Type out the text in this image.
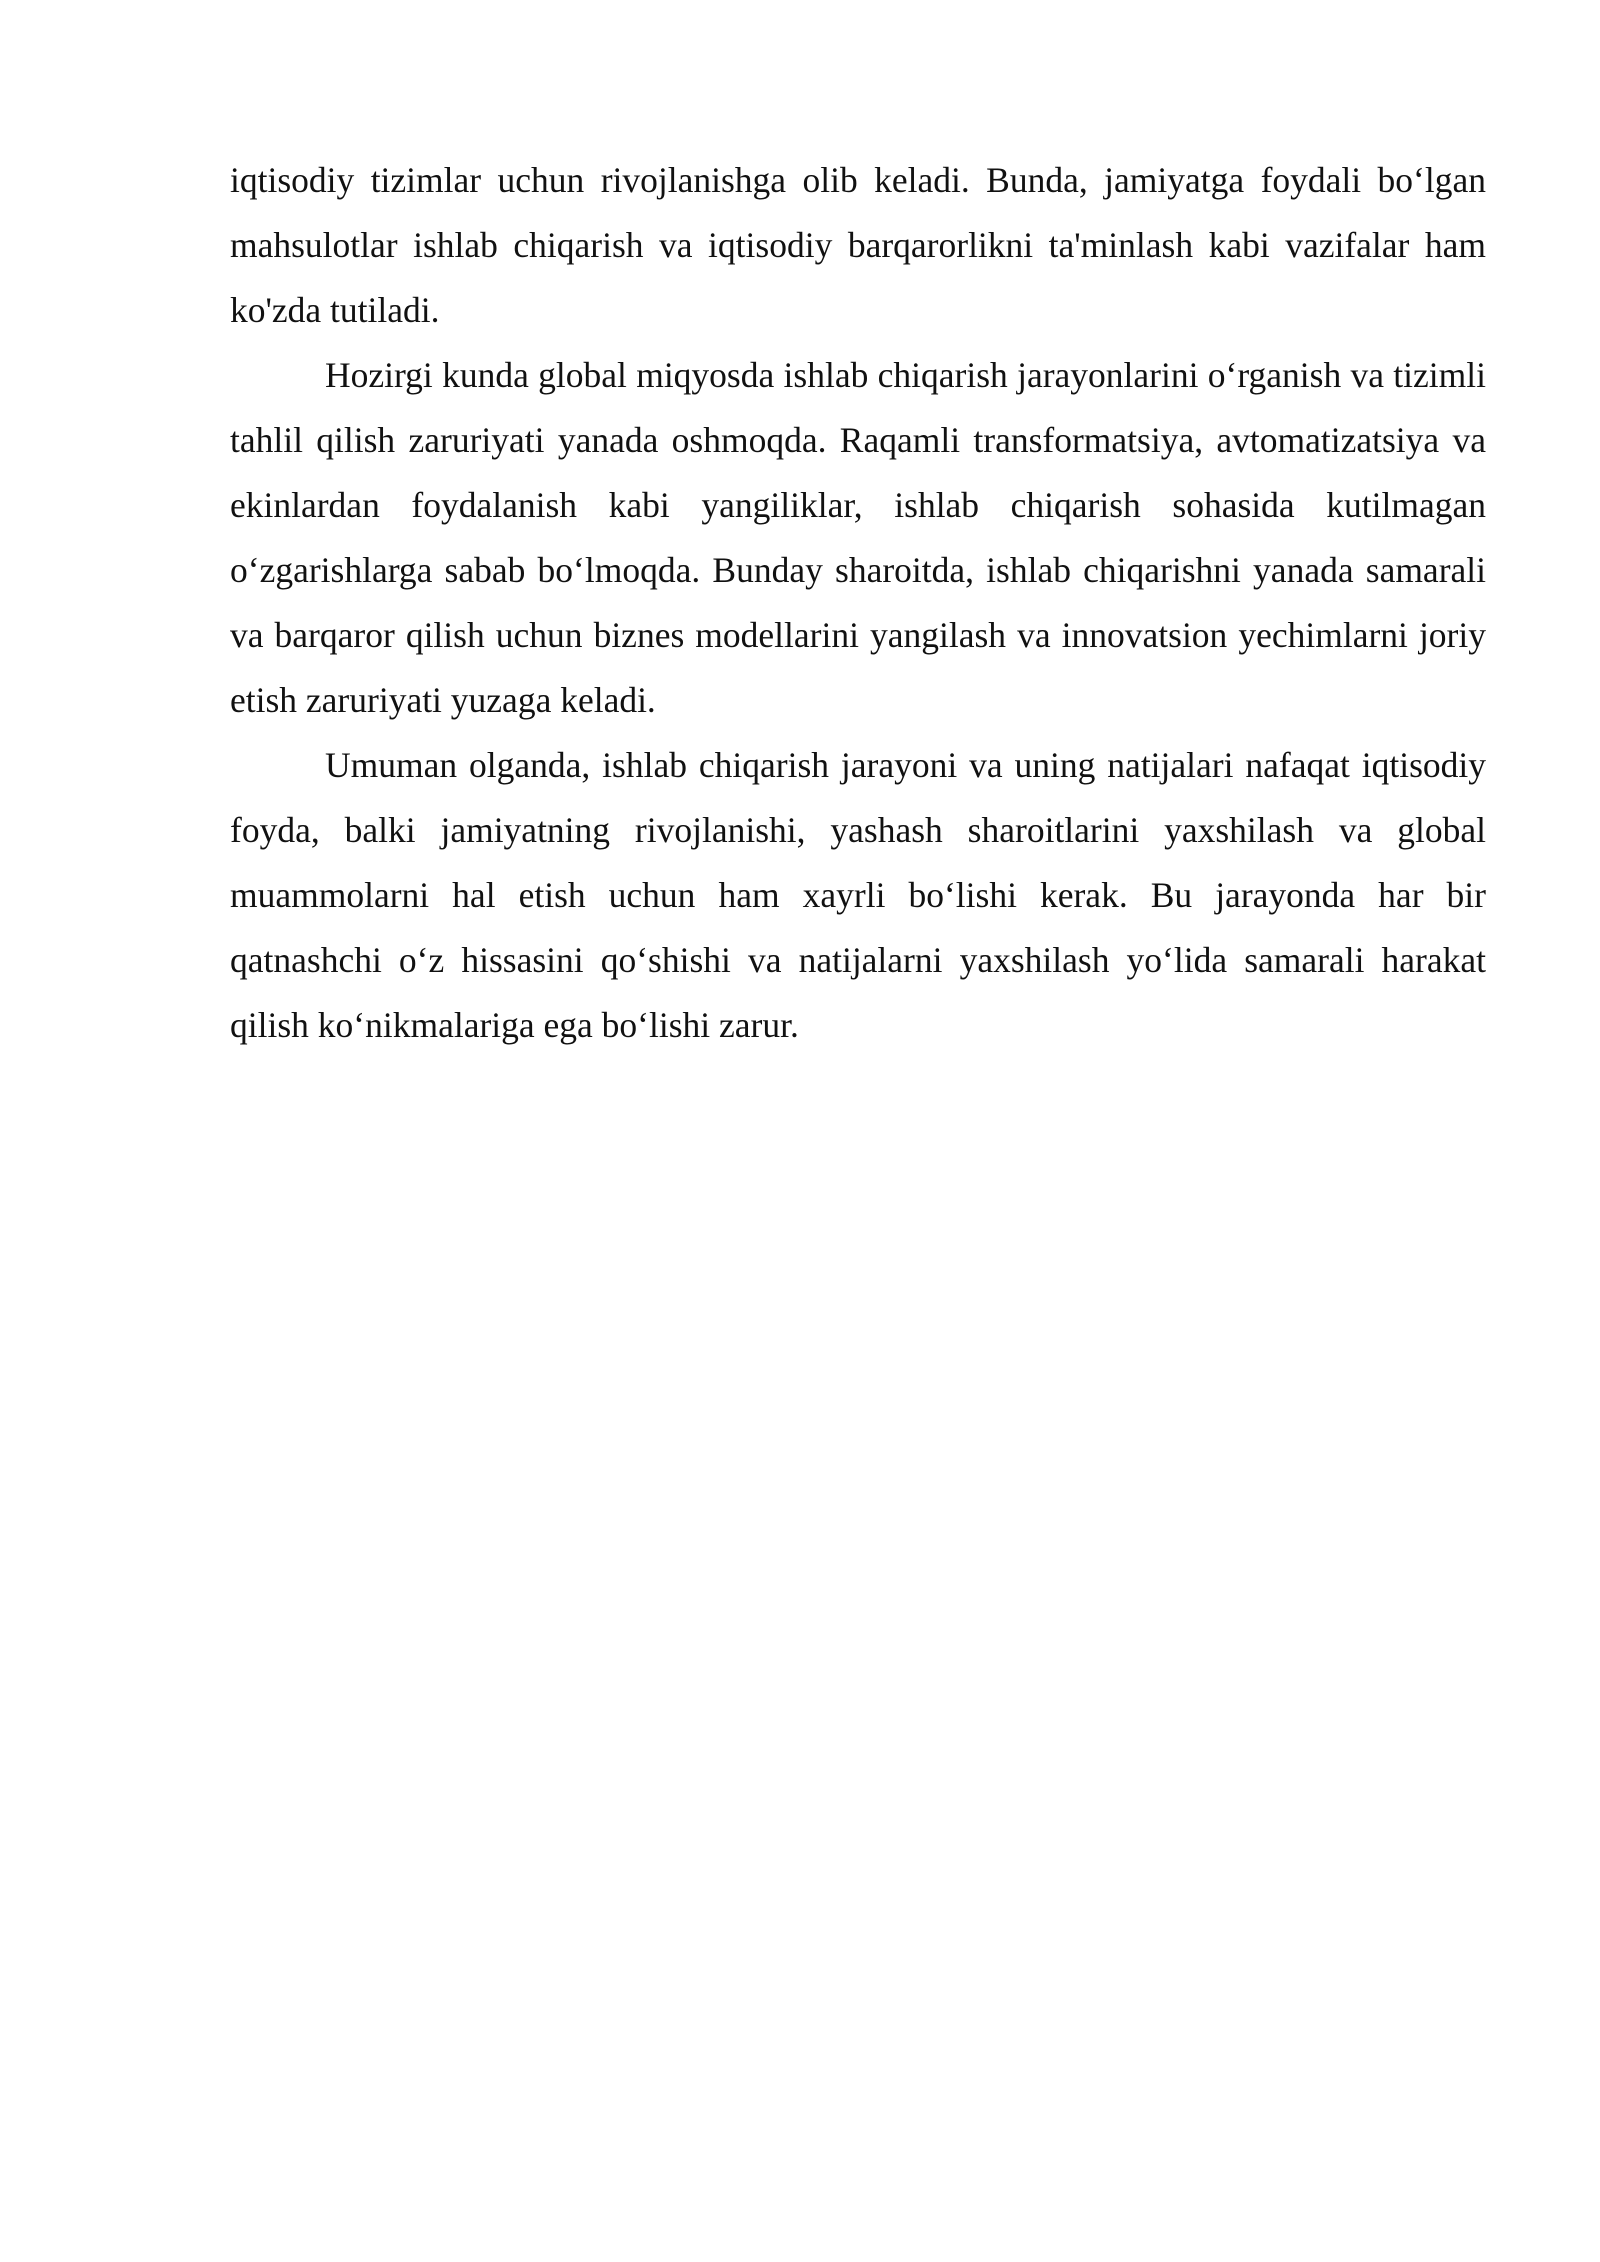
iqtisodiy tizimlar uchun rivojlanishga olib keladi. Bunda, jamiyatga foydali bo‘lgan mahsulotlar ishlab chiqarish va iqtisodiy barqarorlikni ta'minlash kabi vazifalar ham ko'zda tutiladi.

Hozirgi kunda global miqyosda ishlab chiqarish jarayonlarini o‘rganish va tizimli tahlil qilish zaruriyati yanada oshmoqda. Raqamli transformatsiya, avtomatizatsiya va ekinlardan foydalanish kabi yangiliklar, ishlab chiqarish sohasida kutilmagan o‘zgarishlarga sabab bo‘lmoqda. Bunday sharoitda, ishlab chiqarishni yanada samarali va barqaror qilish uchun biznes modellarini yangilash va innovatsion yechimlarni joriy etish zaruriyati yuzaga keladi.

Umuman olganda, ishlab chiqarish jarayoni va uning natijalari nafaqat iqtisodiy foyda, balki jamiyatning rivojlanishi, yashash sharoitlarini yaxshilash va global muammolarni hal etish uchun ham xayrli bo‘lishi kerak. Bu jarayonda har bir qatnashchi o‘z hissasini qo‘shishi va natijalarni yaxshilash yo‘lida samarali harakat qilish ko‘nikmalariga ega bo‘lishi zarur.
